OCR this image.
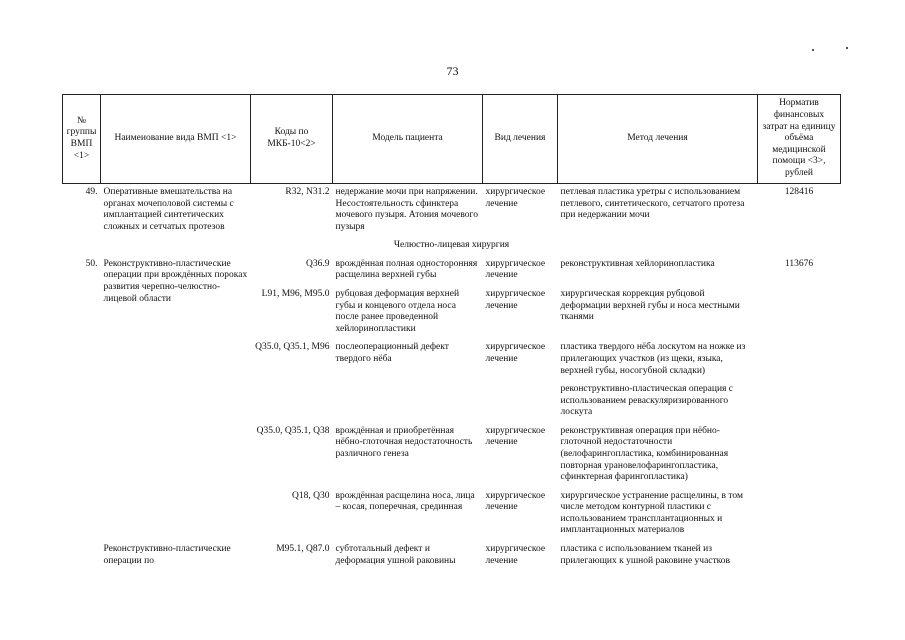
73
№ группы ВМП <1>	Наимеиование вида ВМП <1>	Коды по МКБ-10<2>	Модель пациента	Вид лечения	Метод лечения	Норматив финансовых затрат на единицу объёма медицинской помощи <3>, рублей
49.	Оперативные вмешательства на органах мочеполовой системы с имплантацией синтетических сложных и сетчатых протезов	R32, N31.2	недержание мочи при напряжении. Несостоятельность сфинктера мочевого пузыря. Атония мочевого пузыря	хирургическое лечение	петлевая пластика уретры с использованием петлевого, синтетического, сетчатого протеза при недержании мочи	128416
Челюстно-лицевая хирургия						
50.	Реконструктивно-пластические операции при врождённых пороках развития черепно-челюстно-лицевой области	Q36.9	врождённая полная односторонняя расщелина верхней губы	хирургическое лечение	реконструктивная хейлоринопластика	113676
		L91, M96, M95.0	рубцовая деформация верхней губы и концевого отдела носа после ранее проведенной хейлоринопластики	хирургическое лечение	хирургическая коррекция рубцовой деформации верхней губы и носа местными тканями	
		Q35.0, Q35.1, M96	послеоперационный дефект твердого нёба	хирургическое лечение	пластика твердого нёба лоскутом на ножке из прилегающих участков (из щеки, языка, верхней губы, носогубной складки)	
					реконструктивно-пластическая операция с использованием реваскуляризированного лоскута	
		Q35.0, Q35.1, Q38	врождённая и приобретённая нёбно-глоточная недостаточность различного генеза	хирургическое лечение	реконструктивная операция при нёбно-глоточной недостаточности (велофарингопластика, комбинированная повторная урановелофарингопластика, сфинктерная фарингопластика)	
		Q18, Q30	врождённая расщелина носа, лица – косая, поперечная, срединная	хирургическое лечение	хирургическое устранение расщелины, в том числе методом контурной пластики с использованием трансплантационных и имплантационных материалов	
	Реконструктивно-пластические операции по	M95.1, Q87.0	субтотальный дефект и деформация ушной раковины	хирургическое лечение	пластика с использованием тканей из прилегающих к ушной раковине участков	
